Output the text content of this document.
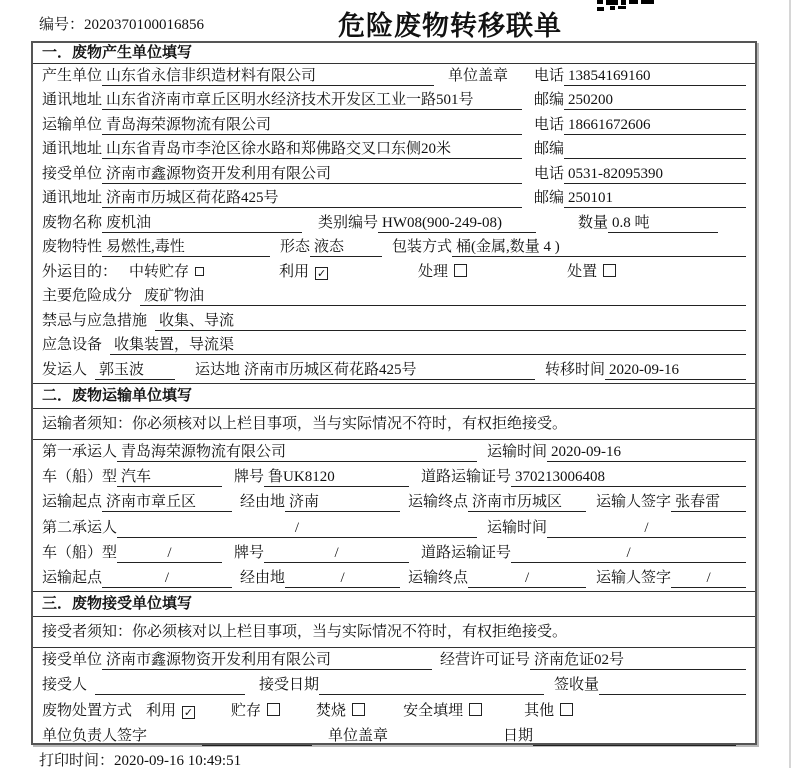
编号：2020370100016856	危险废物转移联单
一．废物产生单位填写
产生单位 山东省永信非织造材料有限公司	单位盖章 电话 13854169160
通讯地址 山东省济南市章丘区明水经济技术开发区工业一路501号	邮编 250200
运输单位 青岛海荣源物流有限公司	电话 18661672606
通讯地址 山东省青岛市李沧区徐水路和郑佛路交叉口东侧20米	邮编
接受单位 济南市鑫源物资开发利用有限公司	电话 0531-82095390
通讯地址 济南市历城区荷花路425号	邮编 250101
废物名称 废机油	类别编号 HW08(900-249-08)	数量 0.8 吨
废物特性 易燃性,毒性	形态 液态	包装方式 桶(金属,数量 4 )
外运目的： 中转贮存	利用 ✓	处理	处置
主要危险成分 废矿物油
禁忌与应急措施 收集、导流
应急设备 收集装置，导流渠
发运人 郭玉波	运达地 济南市历城区荷花路425号	转移时间 2020-09-16
二．废物运输单位填写
运输者须知：你必须核对以上栏目事项，当与实际情况不符时，有权拒绝接受。
第一承运人 青岛海荣源物流有限公司	运输时间 2020-09-16
车（船）型 汽车	牌号 鲁UK8120	道路运输证号 370213006408
运输起点 济南市章丘区	经由地 济南	运输终点 济南市历城区	运输人签字 张春雷
第二承运人	/	运输时间	/
车（船）型	/	牌号	/	道路运输证号	/
运输起点	/	经由地	/	运输终点	/	运输人签字	/
三．废物接受单位填写
接受者须知：你必须核对以上栏目事项，当与实际情况不符时，有权拒绝接受。
接受单位 济南市鑫源物资开发利用有限公司	经营许可证号 济南危证02号
接受人	接受日期	签收量
废物处置方式 利用 ✓	贮存	焚烧	安全填埋	其他
单位负责人签字	单位盖章	日期
打印时间：2020-09-16 10:49:51
